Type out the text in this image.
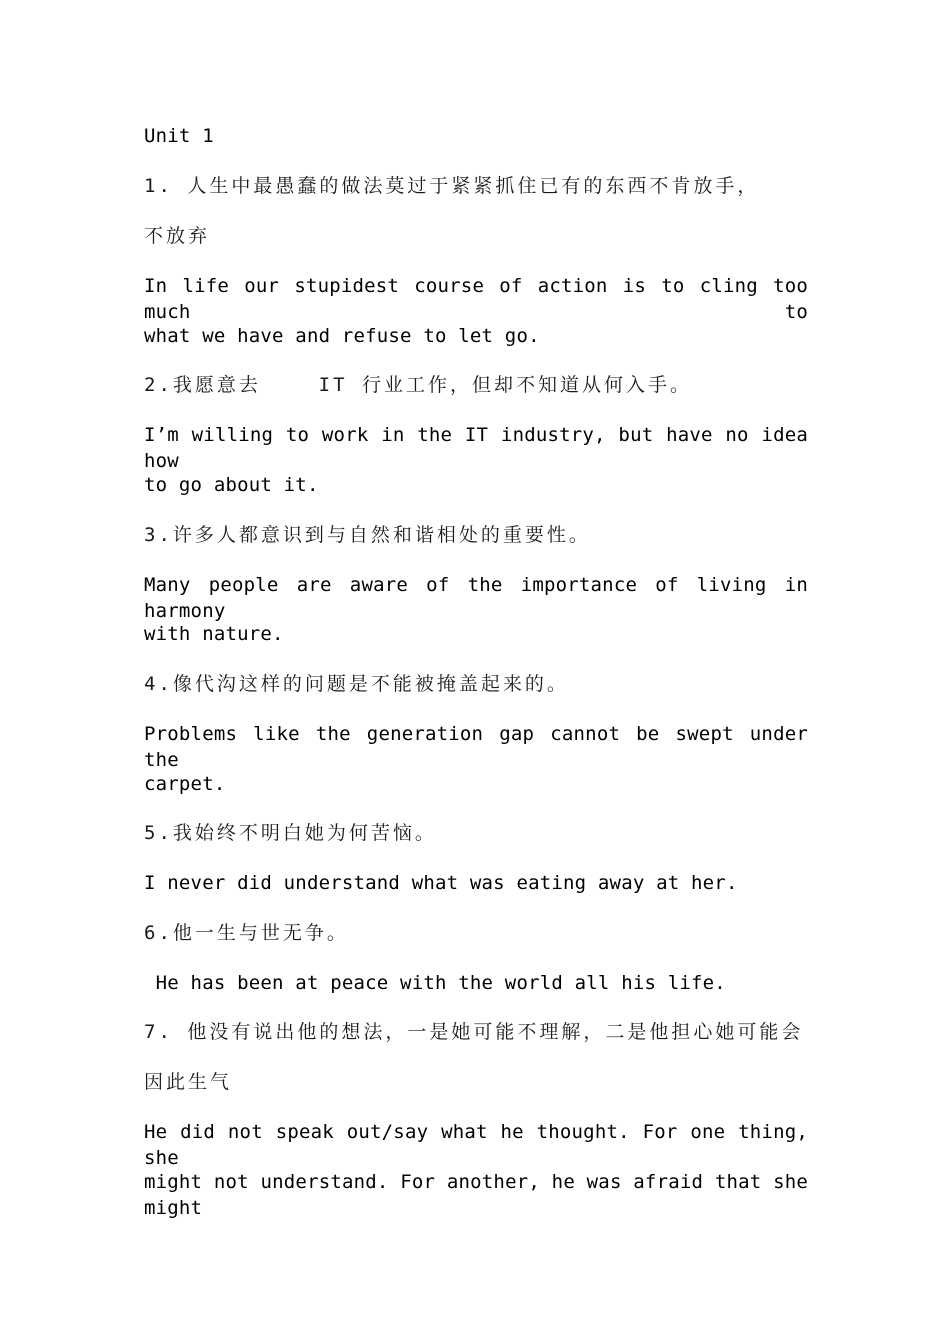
Unit 1
1. 人生中最愚蠢的做法莫过于紧紧抓住已有的东西不肯放手，
不放弃
In life our stupidest course of action is to cling too much to
what we have and refuse to let go.
2.我愿意去    IT 行业工作，但却不知道从何入手。
I’m willing to work in the IT industry, but have no idea how
to go about it.
3.许多人都意识到与自然和谐相处的重要性。
Many people are aware of the importance of living in harmony
with nature.
4.像代沟这样的问题是不能被掩盖起来的。
Problems like the generation gap cannot be swept under the
carpet.
5.我始终不明白她为何苦恼。
I never did understand what was eating away at her.
6.他一生与世无争。
He has been at peace with the world all his life.
7. 他没有说出他的想法，一是她可能不理解，二是他担心她可能会
因此生气
He did not speak out/say what he thought. For one thing, she
might not understand. For another, he was afraid that she might
